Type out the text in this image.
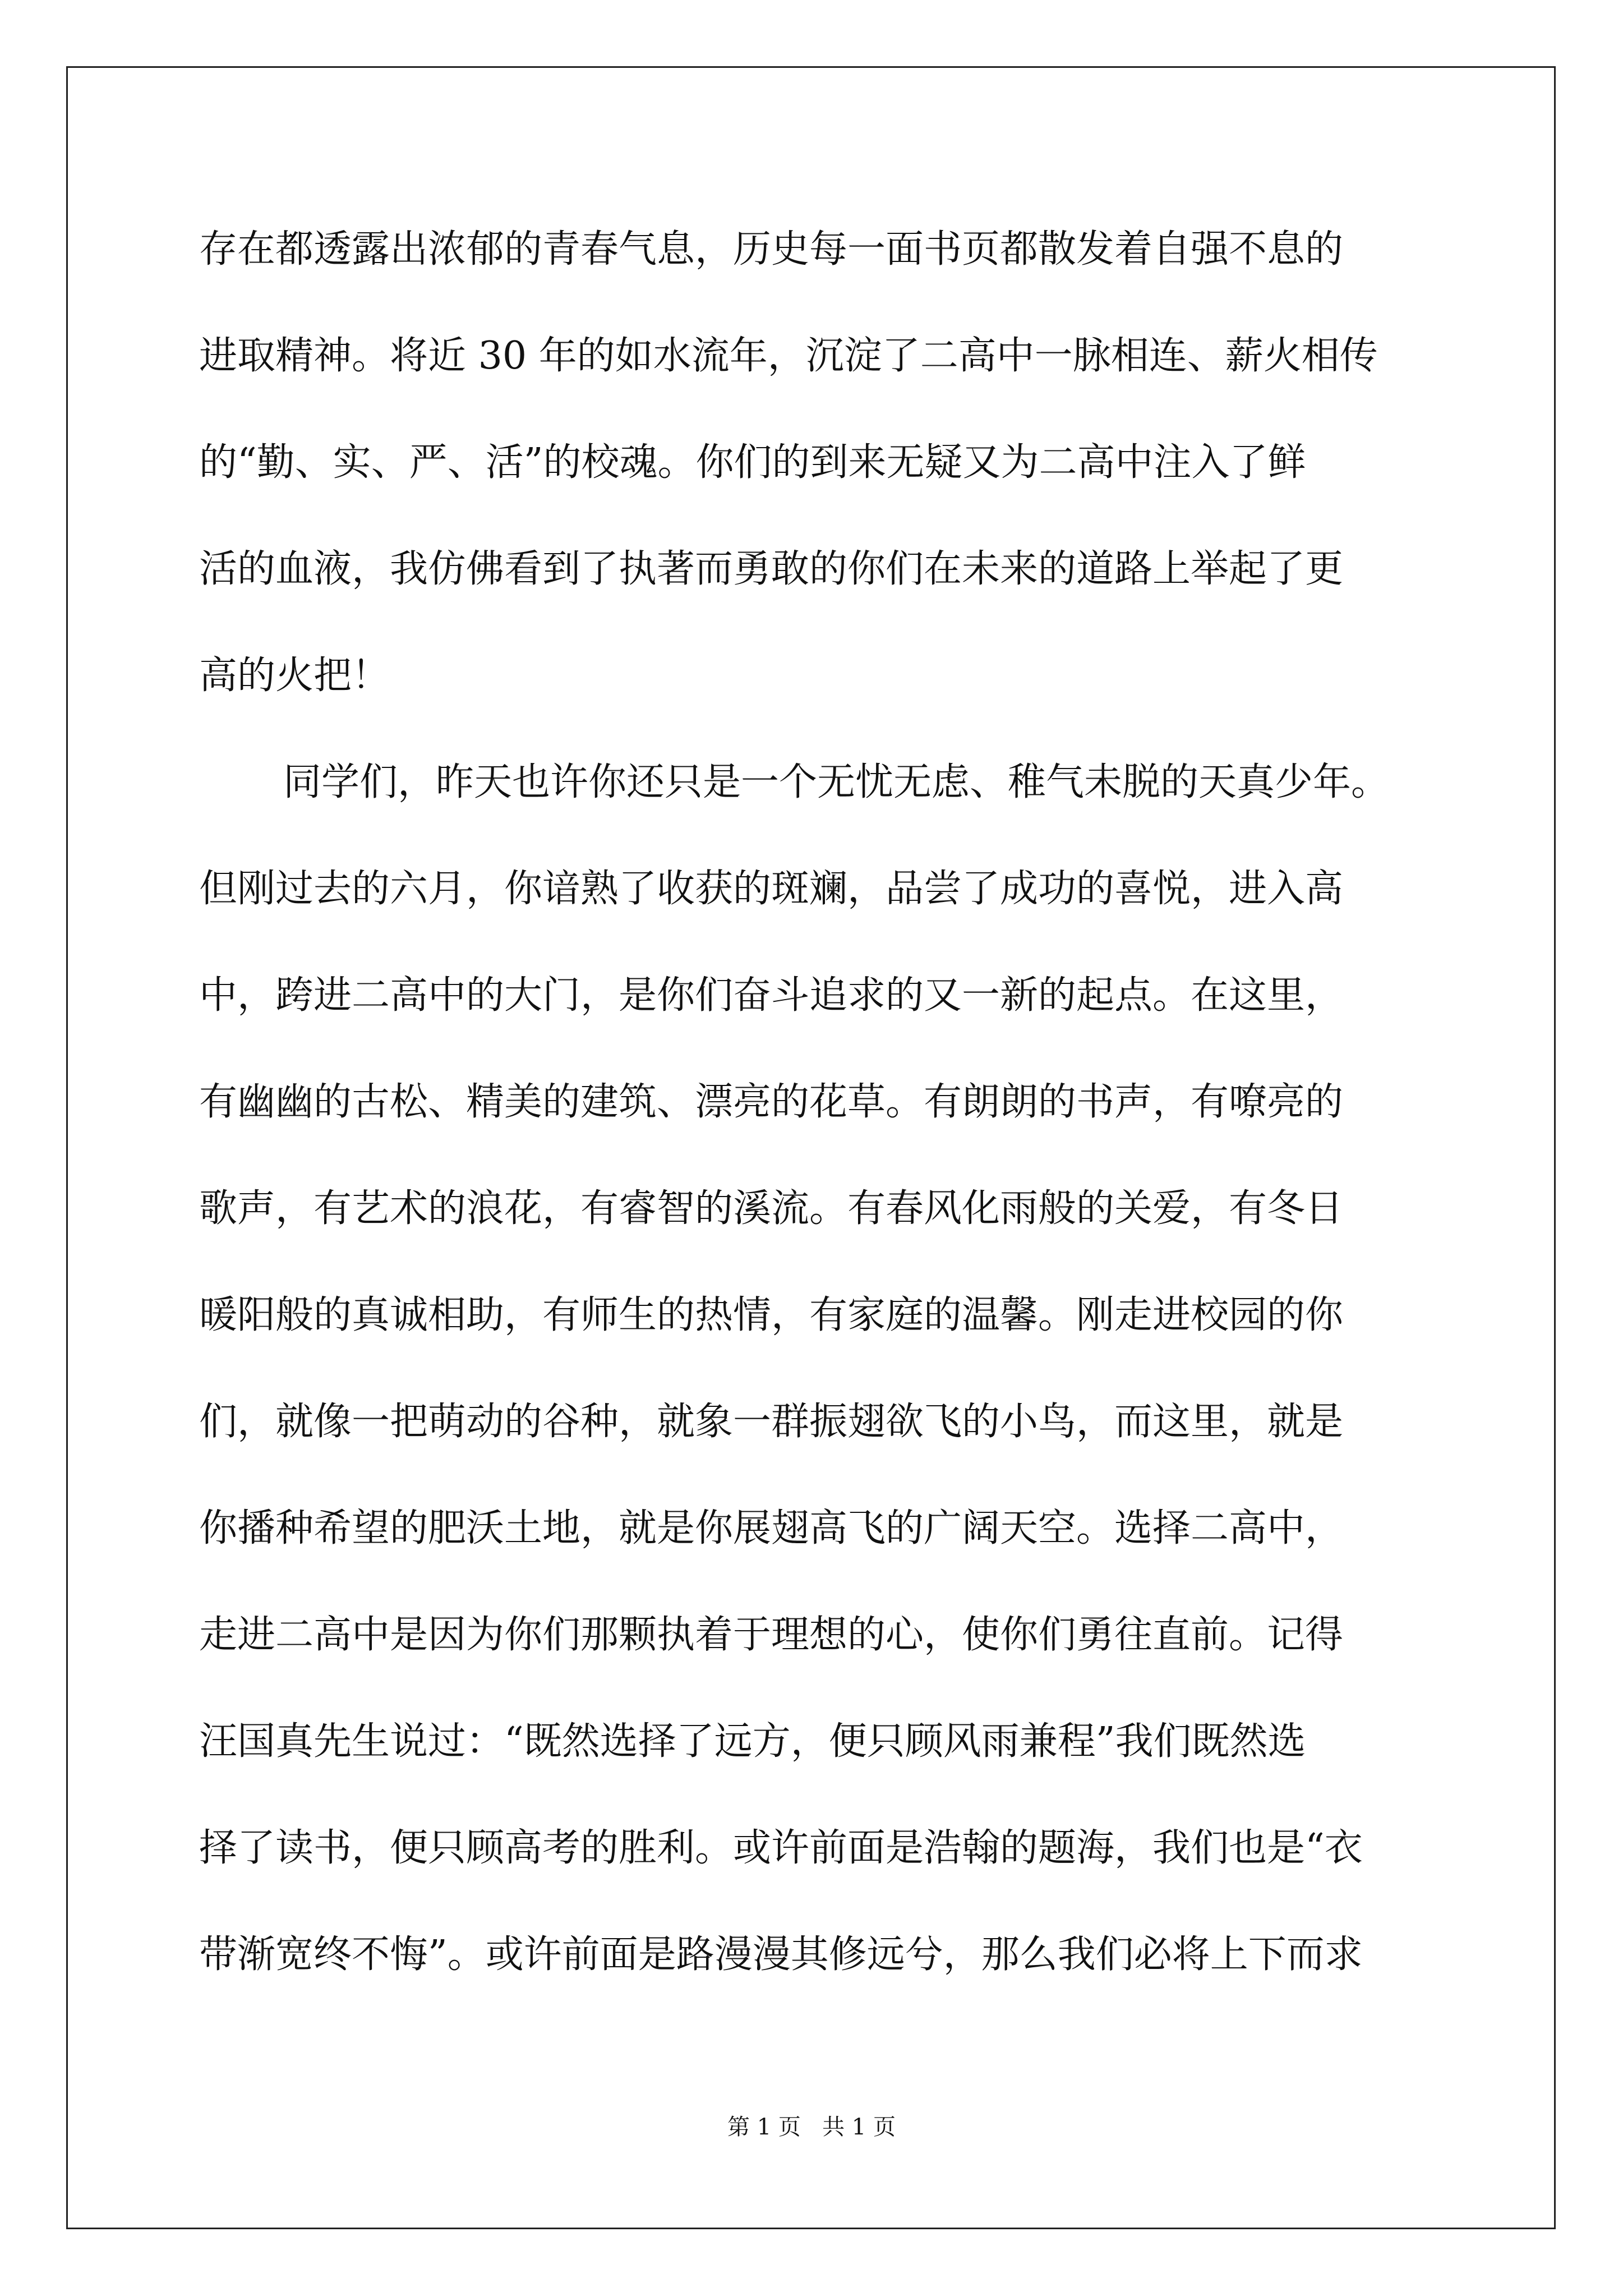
存在都透露出浓郁的青春气息，历史每一面书页都散发着自强不息的
进取精神。将近 30 年的如水流年，沉淀了二高中一脉相连、薪火相传
的“勤、实、严、活”的校魂。你们的到来无疑又为二高中注入了鲜
活的血液，我仿佛看到了执著而勇敢的你们在未来的道路上举起了更
高的火把！
同学们，昨天也许你还只是一个无忧无虑、稚气未脱的天真少年。
但刚过去的六月，你谙熟了收获的斑斓，品尝了成功的喜悦，进入高
中，跨进二高中的大门，是你们奋斗追求的又一新的起点。在这里，
有幽幽的古松、精美的建筑、漂亮的花草。有朗朗的书声，有嘹亮的
歌声，有艺术的浪花，有睿智的溪流。有春风化雨般的关爱，有冬日
暖阳般的真诚相助，有师生的热情，有家庭的温馨。刚走进校园的你
们，就像一把萌动的谷种，就象一群振翅欲飞的小鸟，而这里，就是
你播种希望的肥沃土地，就是你展翅高飞的广阔天空。选择二高中，
走进二高中是因为你们那颗执着于理想的心，使你们勇往直前。记得
汪国真先生说过：“既然选择了远方，便只顾风雨兼程”我们既然选
择了读书，便只顾高考的胜利。或许前面是浩翰的题海，我们也是“衣
带渐宽终不悔”。或许前面是路漫漫其修远兮，那么我们必将上下而求
第 1 页   共 1 页
